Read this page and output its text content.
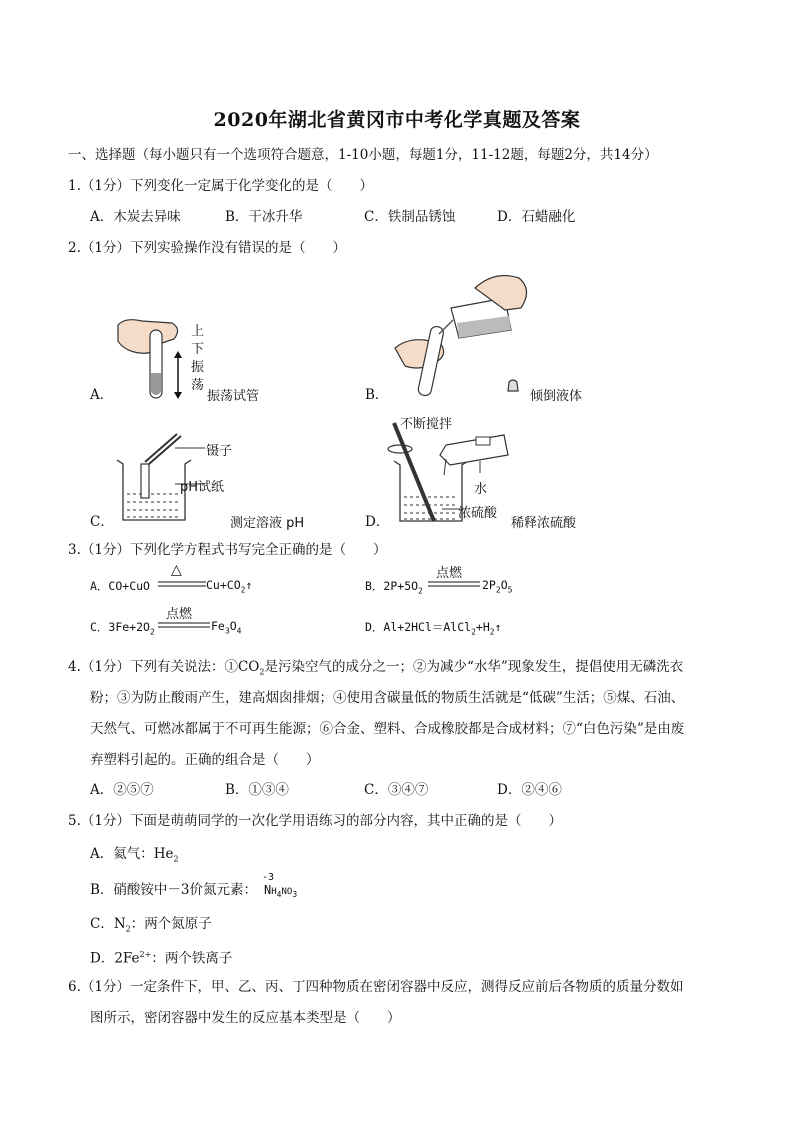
2020年湖北省黄冈市中考化学真题及答案
一、选择题（每小题只有一个选项符合题意，1-10小题，每题1分，11-12题，每题2分，共14分）
1.（1分）下列变化一定属于化学变化的是（　　）
A．木炭去异味	B．干冰升华	C．铁制品锈蚀	D．石蜡融化
2.（1分）下列实验操作没有错误的是（　　）
A．
上
下
振
荡
振荡试管	B．	倾倒液体
C．
镊子
pH试纸
测定溶液 pH	D．
不断搅拌
水
浓硫酸
稀释浓硫酸
3.（1分）下列化学方程式书写完全正确的是（　　）
A．CO+CuO
△
$Cu+CO_2↑$	B．$2P+5O_2$
点燃
$2P_2O_5$
C．$3Fe+2O_2$
点燃
$Fe_3O_4$	D．$Al+2HCl=AlCl_2+H_2↑$
4.（1分）下列有关说法：$①CO_2$是污染空气的成分之一；②为减少“水华”现象发生，提倡使用无磷洗衣
粉；③为防止酸雨产生，建高烟囱排烟；④使用含碳量低的物质生活就是“低碳”生活；⑤煤、石油、
天然气、可燃冰都属于不可再生能源；⑥合金、塑料、合成橡胶都是合成材料；⑦“白色污染”是由废
弃塑料引起的。正确的组合是（　　）
A．②⑤⑦	B．①③④	C．③④⑦	D．②④⑥
5.（1分）下面是萌萌同学的一次化学用语练习的部分内容，其中正确的是（　　）
A．氦气：$He_2$
B．硝酸铵中－3价氮元素：
-3
$NH_4NO_3$
C．$N_2$：两个氮原子
D．$2Fe^{2+}$：两个铁离子
6.（1分）一定条件下，甲、乙、丙、丁四种物质在密闭容器中反应，测得反应前后各物质的质量分数如
图所示，密闭容器中发生的反应基本类型是（　　）
